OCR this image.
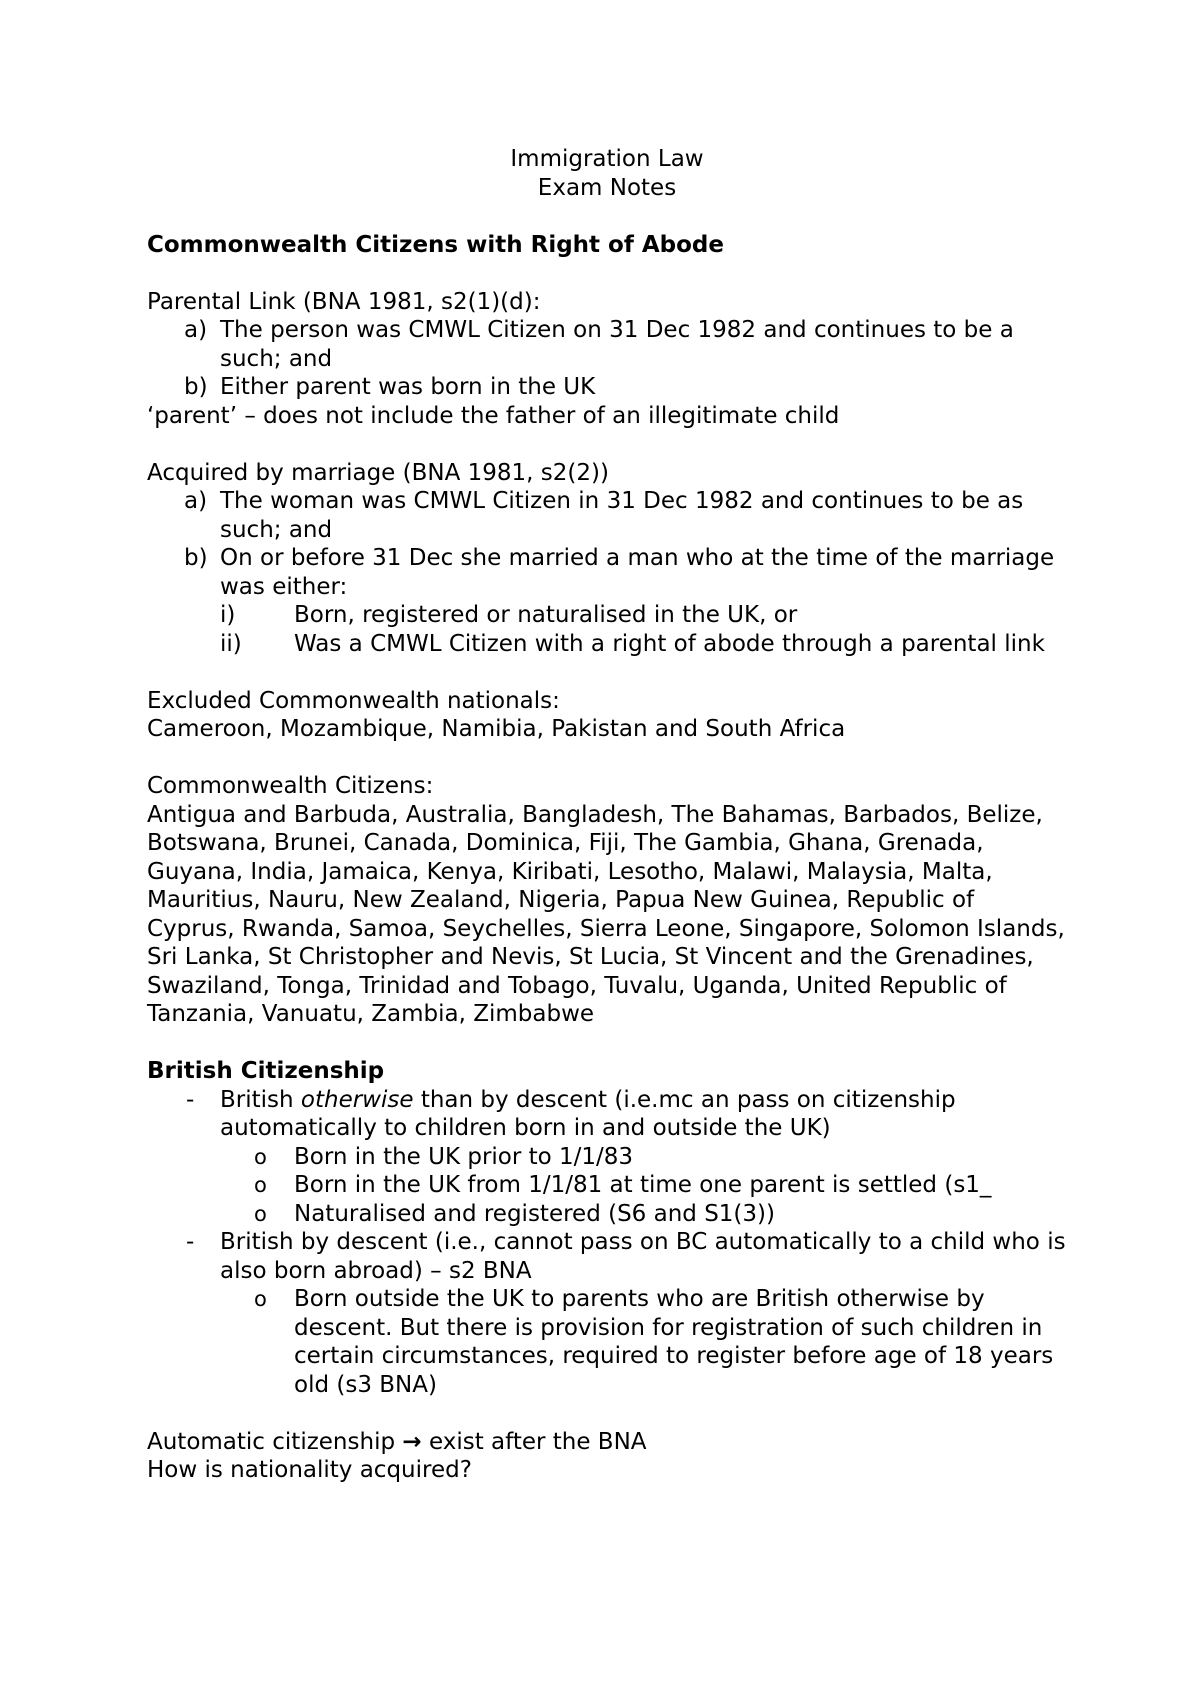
Immigration Law

Exam Notes

Commonwealth Citizens with Right of Abode

Parental Link (BNA 1981, s2(1)(d):

a) The person was CMWL Citizen on 31 Dec 1982 and continues to be a such; and
b) Either parent was born in the UK

‘parent’ – does not include the father of an illegitimate child

Acquired by marriage (BNA 1981, s2(2))

a) The woman was CMWL Citizen in 31 Dec 1982 and continues to be as such; and
b) On or before 31 Dec she married a man who at the time of the marriage was either:
i)	Born, registered or naturalised in the UK, or
ii) Was a CMWL Citizen with a right of abode through a parental link

Excluded Commonwealth nationals:

Cameroon, Mozambique, Namibia, Pakistan and South Africa

Commonwealth Citizens:

Antigua and Barbuda, Australia, Bangladesh, The Bahamas, Barbados, Belize, Botswana, Brunei, Canada, Dominica, Fiji, The Gambia, Ghana, Grenada, Guyana, India, Jamaica, Kenya, Kiribati, Lesotho, Malawi, Malaysia, Malta, Mauritius, Nauru, New Zealand, Nigeria, Papua New Guinea, Republic of Cyprus, Rwanda, Samoa, Seychelles, Sierra Leone, Singapore, Solomon Islands, Sri Lanka, St Christopher and Nevis, St Lucia, St Vincent and the Grenadines, Swaziland, Tonga, Trinidad and Tobago, Tuvalu, Uganda, United Republic of Tanzania, Vanuatu, Zambia, Zimbabwe

British Citizenship

- British otherwise than by descent (i.e.mc an pass on citizenship automatically to children born in and outside the UK)
o Born in the UK prior to 1/1/83
o Born in the UK from 1/1/81 at time one parent is settled (s1_
o Naturalised and registered (S6 and S1(3))
- British by descent (i.e., cannot pass on BC automatically to a child who is also born abroad) – s2 BNA
o Born outside the UK to parents who are British otherwise by descent. But there is provision for registration of such children in certain circumstances, required to register before age of 18 years old (s3 BNA)

Automatic citizenship → exist after the BNA

How is nationality acquired?
